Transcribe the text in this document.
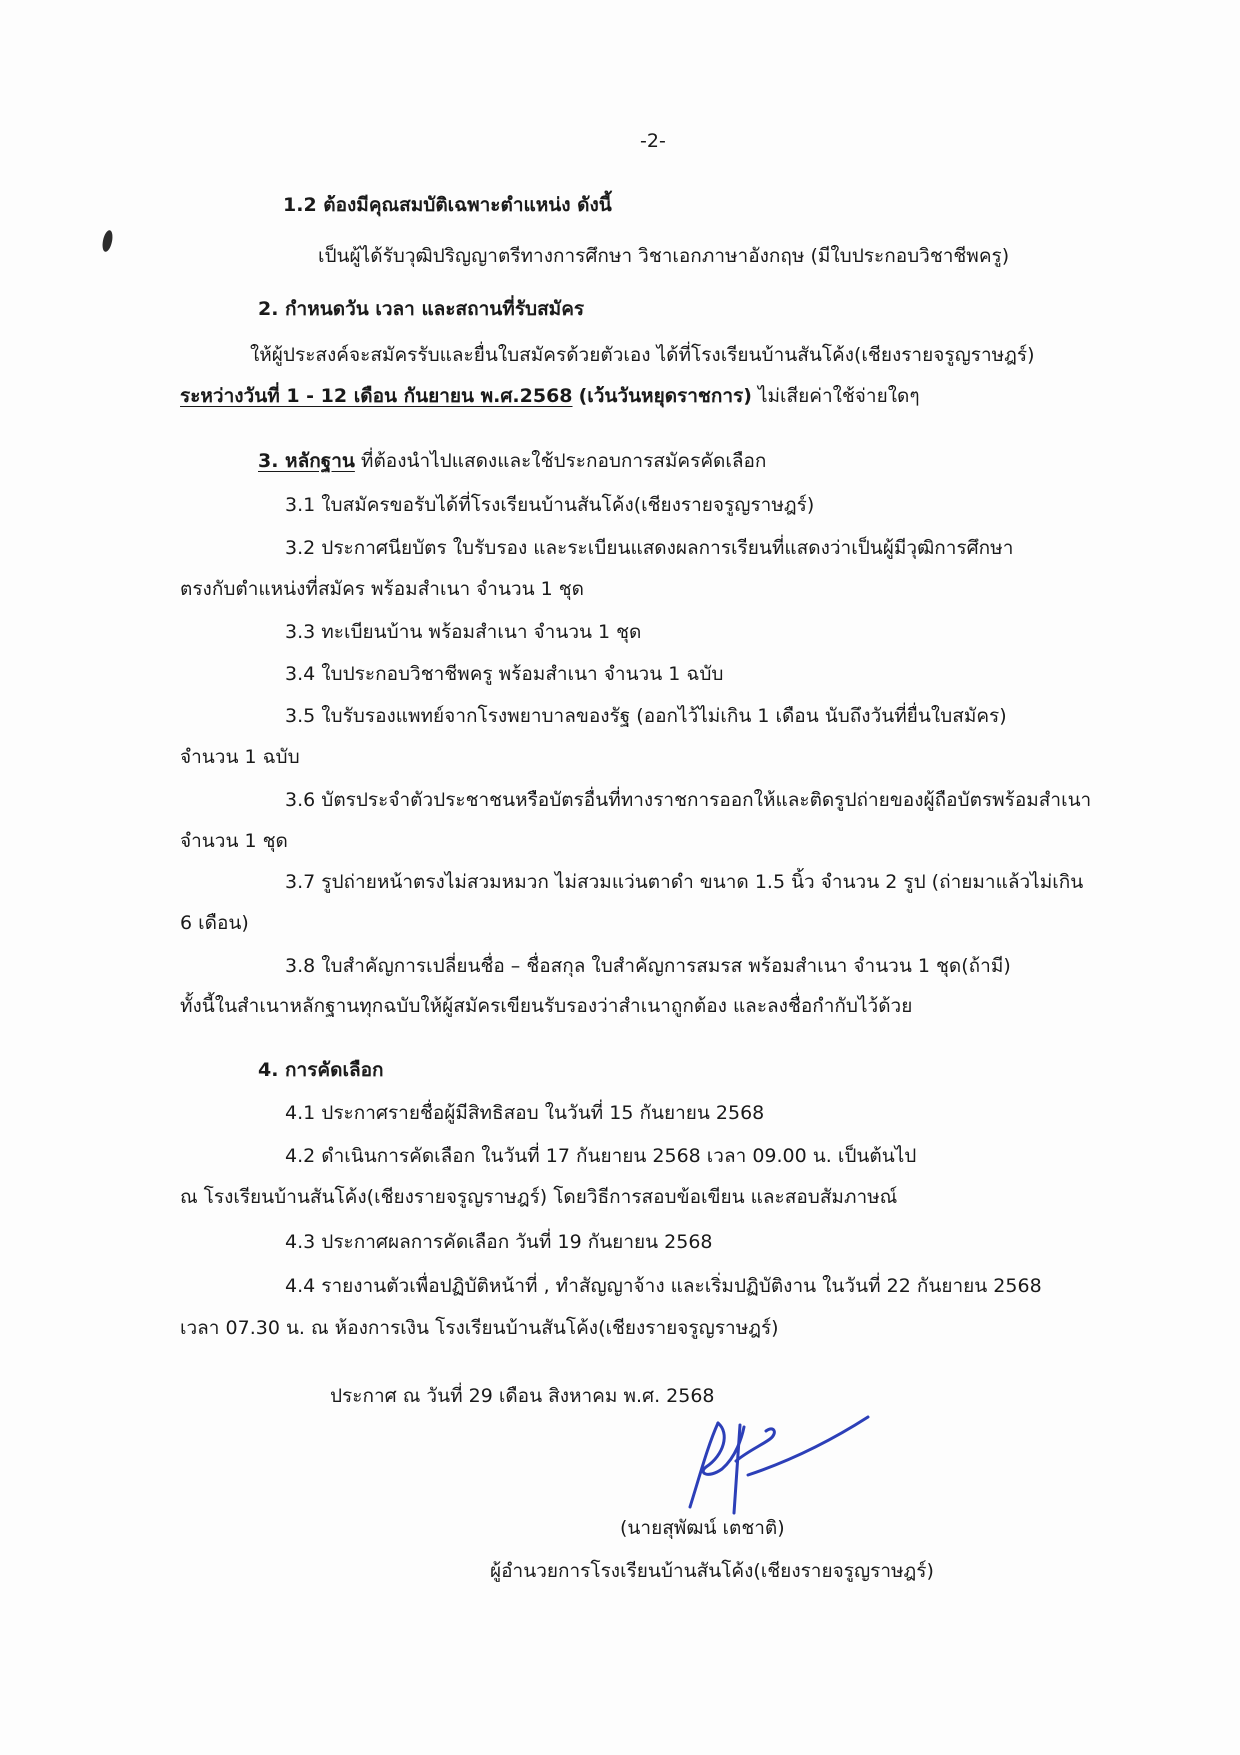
-2-
1.2 ต้องมีคุณสมบัติเฉพาะตำแหน่ง ดังนี้
เป็นผู้ได้รับวุฒิปริญญาตรีทางการศึกษา วิชาเอกภาษาอังกฤษ (มีใบประกอบวิชาชีพครู)
2. กำหนดวัน เวลา และสถานที่รับสมัคร
ให้ผู้ประสงค์จะสมัครรับและยื่นใบสมัครด้วยตัวเอง ได้ที่โรงเรียนบ้านสันโค้ง(เชียงรายจรูญราษฎร์)
ระหว่างวันที่ 1 - 12 เดือน กันยายน พ.ศ.2568 (เว้นวันหยุดราชการ) ไม่เสียค่าใช้จ่ายใดๆ
3. หลักฐาน ที่ต้องนำไปแสดงและใช้ประกอบการสมัครคัดเลือก
3.1 ใบสมัครขอรับได้ที่โรงเรียนบ้านสันโค้ง(เชียงรายจรูญราษฎร์)
3.2 ประกาศนียบัตร ใบรับรอง และระเบียนแสดงผลการเรียนที่แสดงว่าเป็นผู้มีวุฒิการศึกษา
ตรงกับตำแหน่งที่สมัคร พร้อมสำเนา จำนวน 1 ชุด
3.3 ทะเบียนบ้าน พร้อมสำเนา จำนวน 1 ชุด
3.4 ใบประกอบวิชาชีพครู พร้อมสำเนา จำนวน 1 ฉบับ
3.5 ใบรับรองแพทย์จากโรงพยาบาลของรัฐ (ออกไว้ไม่เกิน 1 เดือน นับถึงวันที่ยื่นใบสมัคร)
จำนวน 1 ฉบับ
3.6 บัตรประจำตัวประชาชนหรือบัตรอื่นที่ทางราชการออกให้และติดรูปถ่ายของผู้ถือบัตรพร้อมสำเนา
จำนวน 1 ชุด
3.7 รูปถ่ายหน้าตรงไม่สวมหมวก ไม่สวมแว่นตาดำ ขนาด 1.5 นิ้ว จำนวน 2 รูป (ถ่ายมาแล้วไม่เกิน
6 เดือน)
3.8 ใบสำคัญการเปลี่ยนชื่อ – ชื่อสกุล ใบสำคัญการสมรส พร้อมสำเนา จำนวน 1 ชุด(ถ้ามี)
ทั้งนี้ในสำเนาหลักฐานทุกฉบับให้ผู้สมัครเขียนรับรองว่าสำเนาถูกต้อง และลงชื่อกำกับไว้ด้วย
4. การคัดเลือก
4.1 ประกาศรายชื่อผู้มีสิทธิสอบ ในวันที่ 15 กันยายน 2568
4.2 ดำเนินการคัดเลือก ในวันที่ 17 กันยายน 2568 เวลา 09.00 น. เป็นต้นไป
ณ โรงเรียนบ้านสันโค้ง(เชียงรายจรูญราษฎร์) โดยวิธีการสอบข้อเขียน และสอบสัมภาษณ์
4.3 ประกาศผลการคัดเลือก วันที่ 19 กันยายน 2568
4.4 รายงานตัวเพื่อปฏิบัติหน้าที่ , ทำสัญญาจ้าง และเริ่มปฏิบัติงาน ในวันที่ 22 กันยายน 2568
เวลา 07.30 น. ณ ห้องการเงิน โรงเรียนบ้านสันโค้ง(เชียงรายจรูญราษฎร์)
ประกาศ ณ วันที่ 29 เดือน สิงหาคม พ.ศ. 2568
(นายสุพัฒน์ เตชาติ)
ผู้อำนวยการโรงเรียนบ้านสันโค้ง(เชียงรายจรูญราษฎร์)
